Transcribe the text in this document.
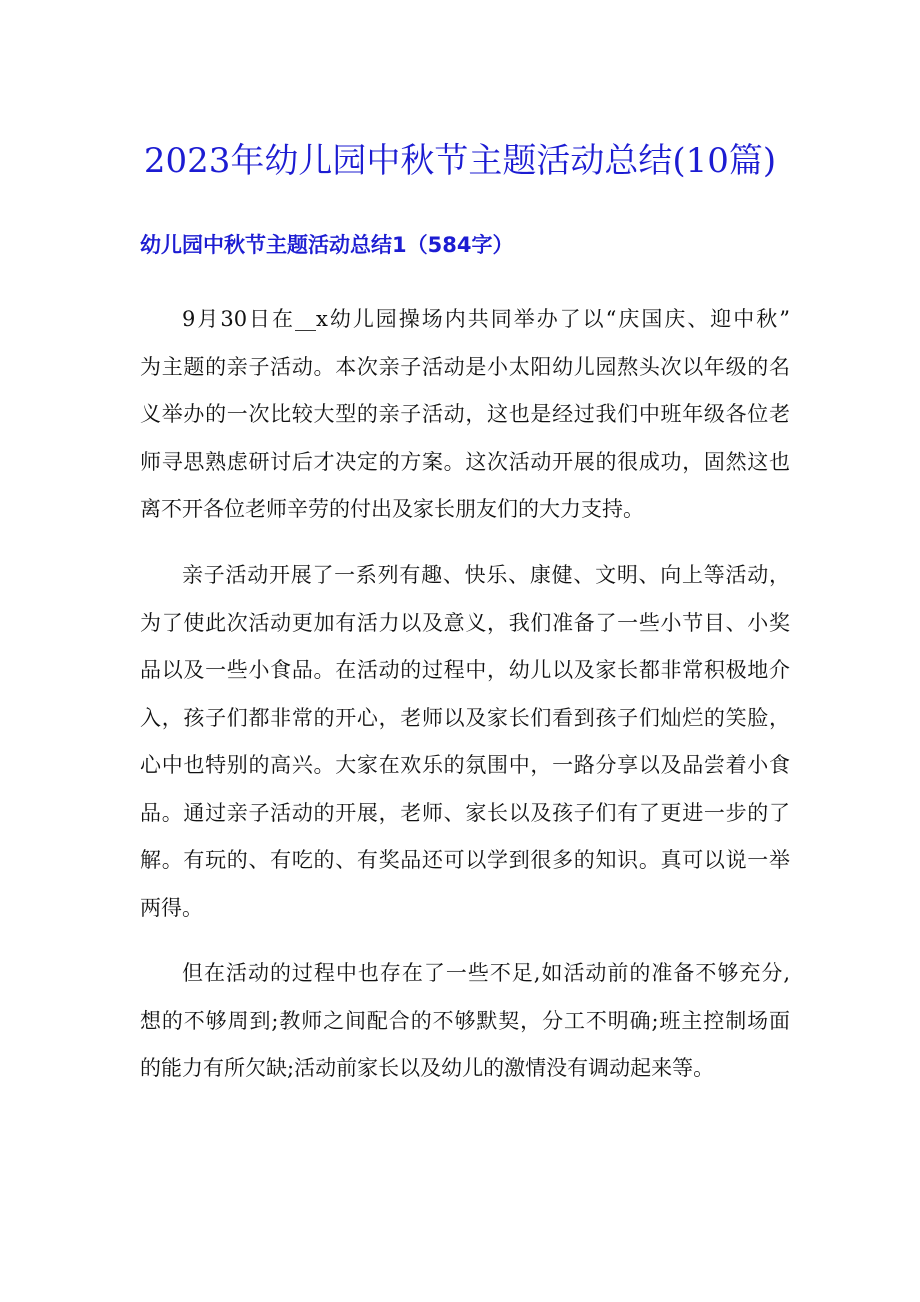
2023年幼儿园中秋节主题活动总结(10篇)
幼儿园中秋节主题活动总结1（584字）
9月30日在__x幼儿园操场内共同举办了以“庆国庆、迎中秋”
为主题的亲子活动。本次亲子活动是小太阳幼儿园熬头次以年级的名
义举办的一次比较大型的亲子活动，这也是经过我们中班年级各位老
师寻思熟虑研讨后才决定的方案。这次活动开展的很成功，固然这也
离不开各位老师辛劳的付出及家长朋友们的大力支持。
亲子活动开展了一系列有趣、快乐、康健、文明、向上等活动，
为了使此次活动更加有活力以及意义，我们准备了一些小节目、小奖
品以及一些小食品。在活动的过程中，幼儿以及家长都非常积极地介
入，孩子们都非常的开心，老师以及家长们看到孩子们灿烂的笑脸，
心中也特别的高兴。大家在欢乐的氛围中，一路分享以及品尝着小食
品。通过亲子活动的开展，老师、家长以及孩子们有了更进一步的了
解。有玩的、有吃的、有奖品还可以学到很多的知识。真可以说一举
两得。
但在活动的过程中也存在了一些不足,如活动前的准备不够充分,
想的不够周到;教师之间配合的不够默契，分工不明确;班主控制场面
的能力有所欠缺;活动前家长以及幼儿的激情没有调动起来等。
